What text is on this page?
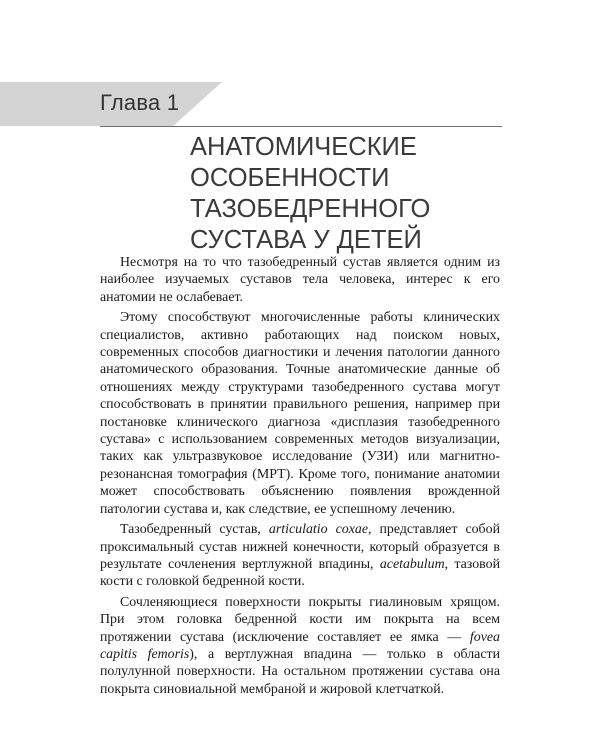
Глава 1
АНАТОМИЧЕСКИЕ
ОСОБЕННОСТИ
ТАЗОБЕДРЕННОГО
СУСТАВА У ДЕТЕЙ

Несмотря на то что тазобедренный сустав является одним из наиболее изучаемых суставов тела человека, интерес к его анатомии не ослабевает.

Этому способствуют многочисленные работы клинических специалистов, активно работающих над поиском новых, современных способов диагностики и лечения патологии данного анатомического образования. Точные анатомические данные об отношениях между структурами тазобедренного сустава могут способствовать в принятии правильного решения, например при постановке клинического диагноза «дисплазия тазобедренного сустава» с использованием современных методов визуализации, таких как ультразвуковое исследование (УЗИ) или магнитно-резонансная томография (МРТ). Кроме того, понимание анатомии может способствовать объяснению появления врожденной патологии сустава и, как следствие, ее успешному лечению.

Тазобедренный сустав, articulatio coxae, представляет собой проксимальный сустав нижней конечности, который образуется в результате сочленения вертлужной впадины, acetabulum, тазовой кости с головкой бедренной кости.

Сочленяющиеся поверхности покрыты гиалиновым хрящом. При этом головка бедренной кости им покрыта на всем протяжении сустава (исключение составляет ее ямка — fovea capitis femoris), а вертлужная впадина — только в области полулунной поверхности. На остальном протяжении сустава она покрыта синовиальной мембраной и жировой клетчаткой.
